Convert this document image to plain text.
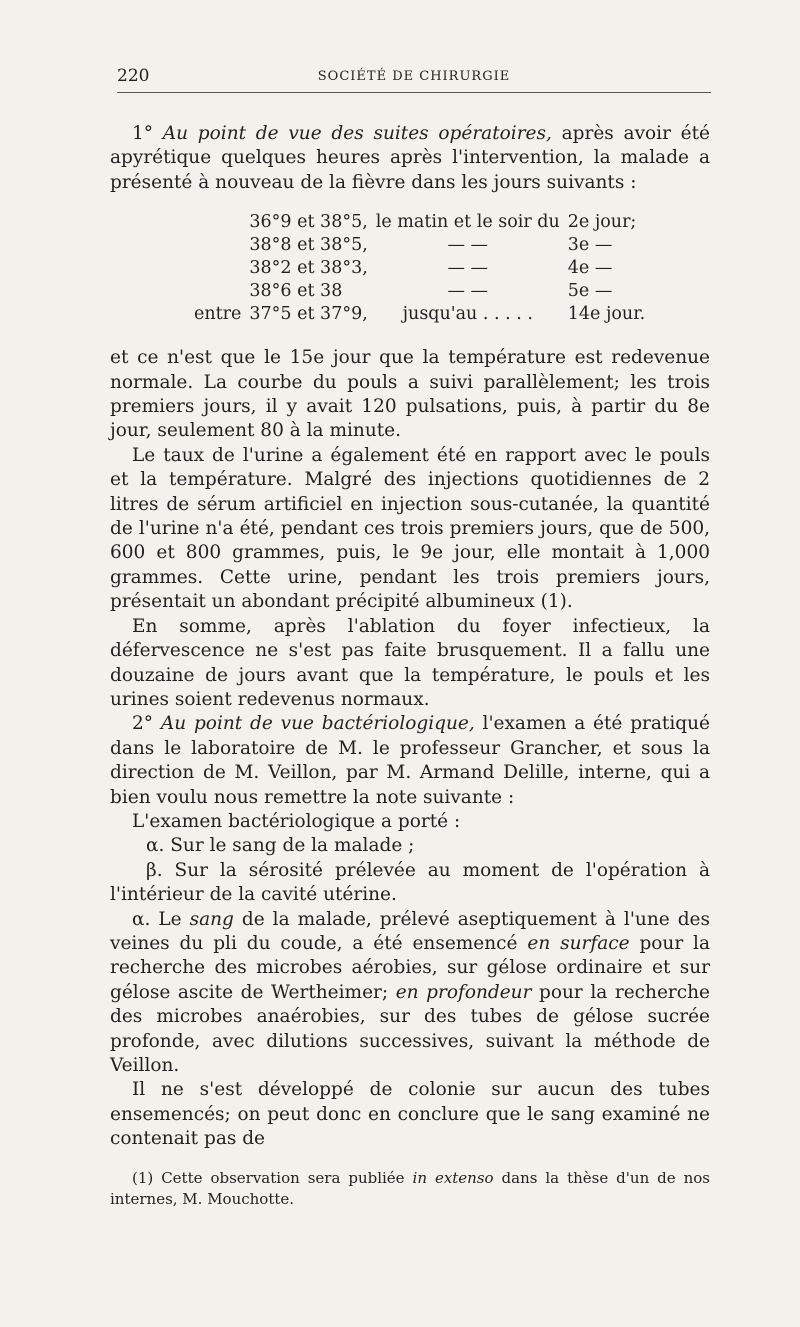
220	SOCIÉTÉ DE CHIRURGIE

1° Au point de vue des suites opératoires, après avoir été apyrétique quelques heures après l'intervention, la malade a présenté à nouveau de la fièvre dans les jours suivants :

	36°9 et 38°5,	le matin et le soir du	2e jour;
	38°8 et 38°5,	— —	3e —
	38°2 et 38°3,	— —	4e —
	38°6 et 38	— —	5e —
entre	37°5 et 37°9,	jusqu'au . . . . .	14e jour.

et ce n'est que le 15e jour que la température est redevenue normale. La courbe du pouls a suivi parallèlement; les trois premiers jours, il y avait 120 pulsations, puis, à partir du 8e jour, seulement 80 à la minute.

Le taux de l'urine a également été en rapport avec le pouls et la température. Malgré des injections quotidiennes de 2 litres de sérum artificiel en injection sous-cutanée, la quantité de l'urine n'a été, pendant ces trois premiers jours, que de 500, 600 et 800 grammes, puis, le 9e jour, elle montait à 1,000 grammes. Cette urine, pendant les trois premiers jours, présentait un abondant précipité albumineux (1).

En somme, après l'ablation du foyer infectieux, la défervescence ne s'est pas faite brusquement. Il a fallu une douzaine de jours avant que la température, le pouls et les urines soient redevenus normaux.

2° Au point de vue bactériologique, l'examen a été pratiqué dans le laboratoire de M. le professeur Grancher, et sous la direction de M. Veillon, par M. Armand Delille, interne, qui a bien voulu nous remettre la note suivante :

L'examen bactériologique a porté :

α. Sur le sang de la malade ;

β. Sur la sérosité prélevée au moment de l'opération à l'intérieur de la cavité utérine.

α. Le sang de la malade, prélevé aseptiquement à l'une des veines du pli du coude, a été ensemencé en surface pour la recherche des microbes aérobies, sur gélose ordinaire et sur gélose ascite de Wertheimer; en profondeur pour la recherche des microbes anaérobies, sur des tubes de gélose sucrée profonde, avec dilutions successives, suivant la méthode de Veillon.

Il ne s'est développé de colonie sur aucun des tubes ensemencés; on peut donc en conclure que le sang examiné ne contenait pas de

(1) Cette observation sera publiée in extenso dans la thèse d'un de nos internes, M. Mouchotte.
